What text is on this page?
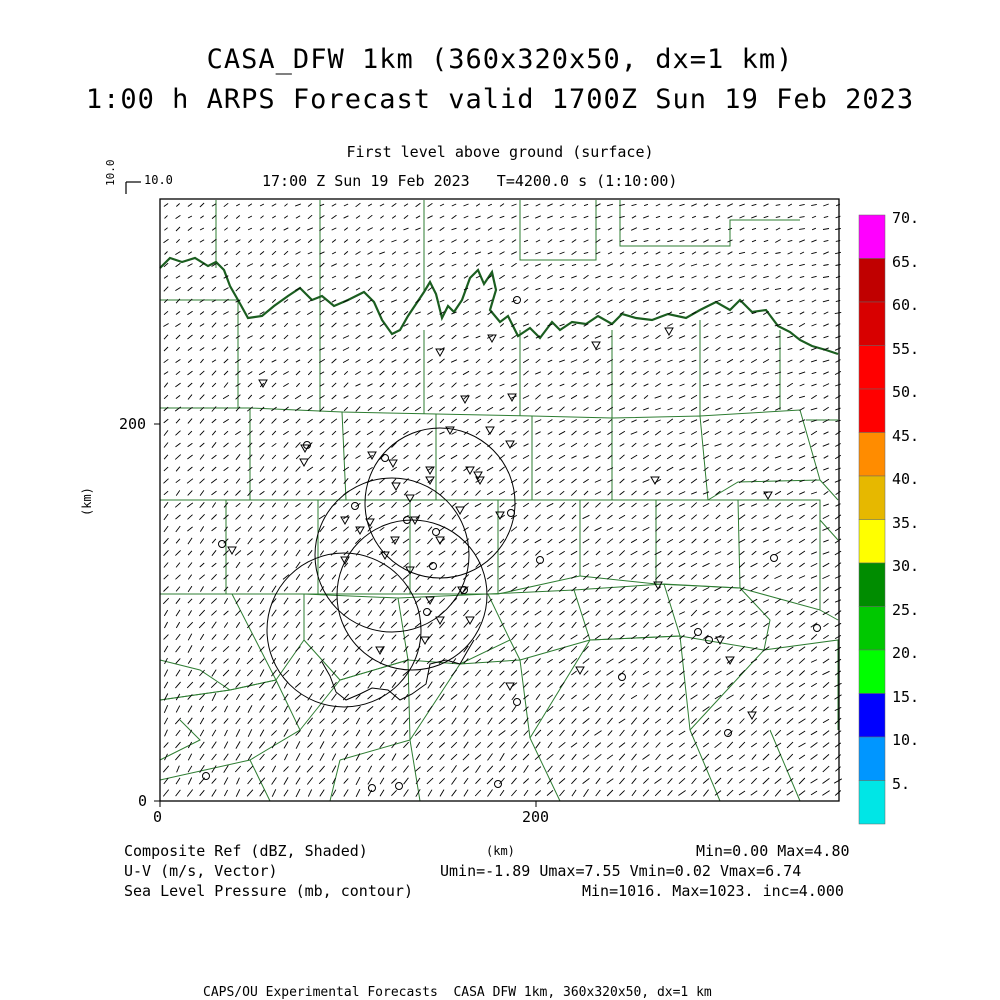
CASA_DFW 1km (360x320x50, dx=1 km)
1:00 h ARPS Forecast valid 1700Z Sun 19 Feb 2023
First level above ground (surface)
17:00 Z Sun 19 Feb 2023   T=4200.0 s (1:10:00)
10.0 10.0
0	200
0
200
(km)
70.
65.
60.
55.
50.
45.
40.
35.
30.
25.
20.
15.
10.
5.
Composite Ref (dBZ, Shaded)	Min=0.00 Max=4.80
U-V (m/s, Vector)	Umin=-1.89 Umax=7.55 Vmin=0.02 Vmax=6.74
Sea Level Pressure (mb, contour)	Min=1016. Max=1023. inc=4.000
(km)
CAPS/OU Experimental Forecasts  CASA DFW 1km, 360x320x50, dx=1 km
